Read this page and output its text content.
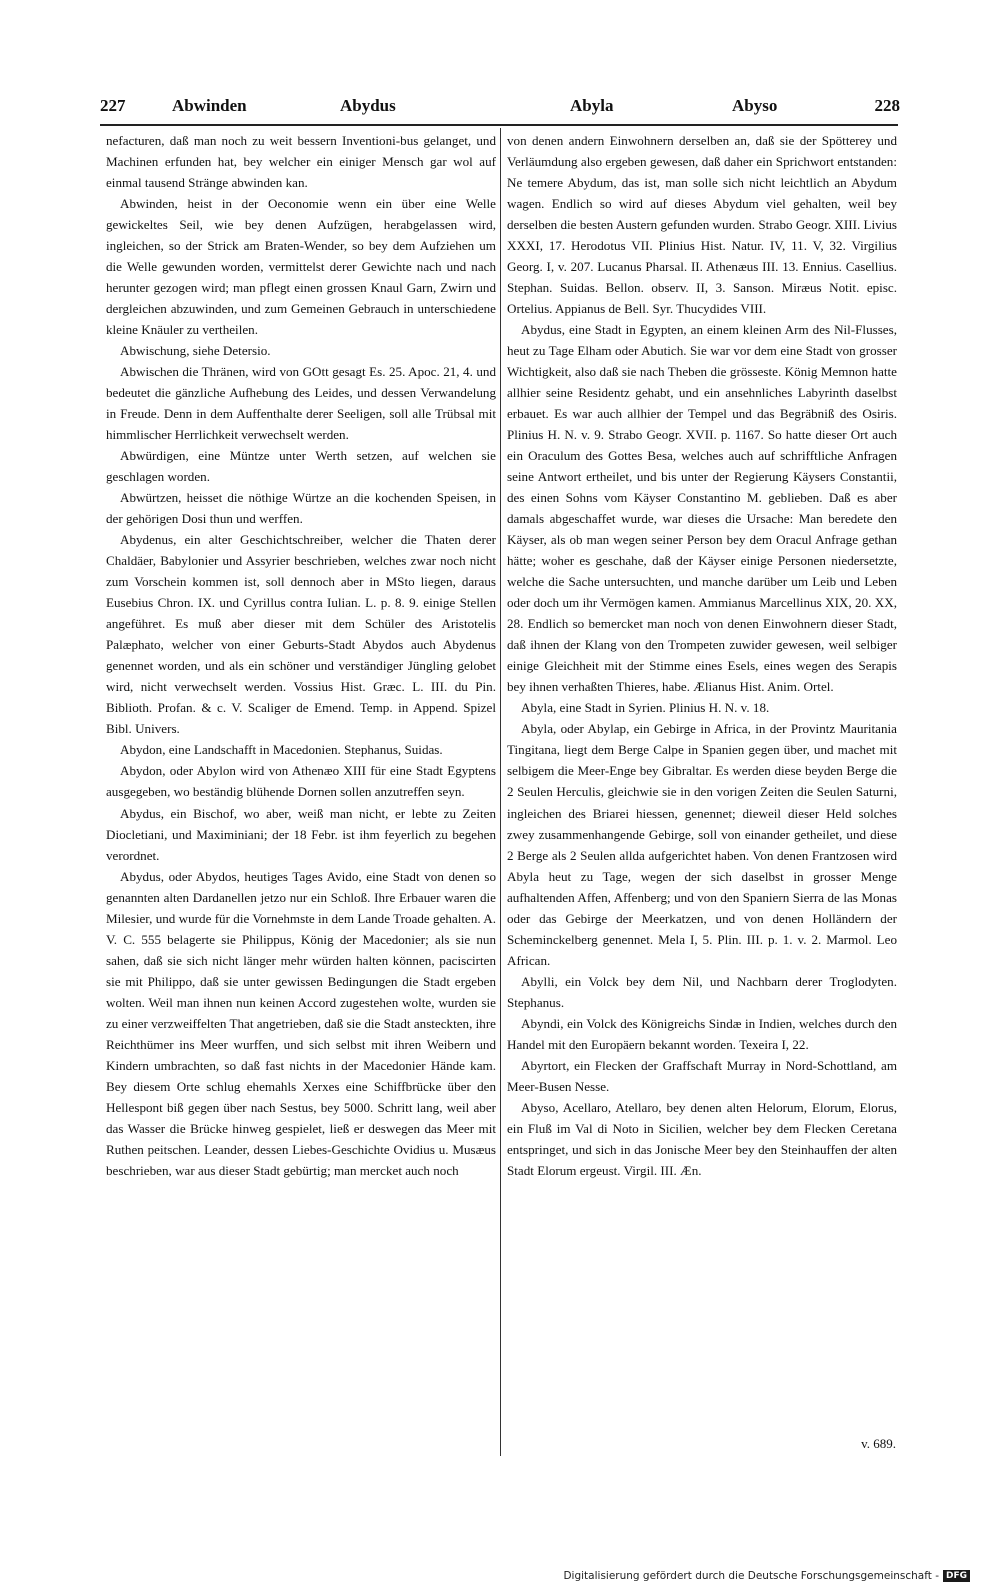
227	Abwinden	Abydus	Abyla	Abyso	228

nefacturen, daß man noch zu weit bessern Inventioni-bus gelanget, und Machinen erfunden hat, bey welcher ein einiger Mensch gar wol auf einmal tausend Stränge abwinden kan.

Abwinden, heist in der Oeconomie wenn ein über eine Welle gewickeltes Seil, wie bey denen Aufzügen, herabgelassen wird, ingleichen, so der Strick am Braten-Wender, so bey dem Aufziehen um die Welle gewunden worden, vermittelst derer Gewichte nach und nach herunter gezogen wird; man pflegt einen grossen Knaul Garn, Zwirn und dergleichen abzuwinden, und zum Gemeinen Gebrauch in unterschiedene kleine Knäuler zu vertheilen.

Abwischung, siehe Detersio.

Abwischen die Thränen, wird von GOtt gesagt Es. 25. Apoc. 21, 4. und bedeutet die gänzliche Aufhebung des Leides, und dessen Verwandelung in Freude. Denn in dem Auffenthalte derer Seeligen, soll alle Trübsal mit himmlischer Herrlichkeit verwechselt werden.

Abwürdigen, eine Müntze unter Werth setzen, auf welchen sie geschlagen worden.

Abwürtzen, heisset die nöthige Würtze an die kochenden Speisen, in der gehörigen Dosi thun und werffen.

Abydenus, ein alter Geschichtschreiber, welcher die Thaten derer Chaldäer, Babylonier und Assyrier beschrieben, welches zwar noch nicht zum Vorschein kommen ist, soll dennoch aber in MSto liegen, daraus Eusebius Chron. IX. und Cyrillus contra Iulian. L. p. 8. 9. einige Stellen angeführet. Es muß aber dieser mit dem Schüler des Aristotelis Palæphato, welcher von einer Geburts-Stadt Abydos auch Abydenus genennet worden, und als ein schöner und verständiger Jüngling gelobet wird, nicht verwechselt werden. Vossius Hist. Græc. L. III. du Pin. Biblioth. Profan. & c. V. Scaliger de Emend. Temp. in Append. Spizel Bibl. Univers.

Abydon, eine Landschafft in Macedonien. Stephanus, Suidas.

Abydon, oder Abylon wird von Athenæo XIII für eine Stadt Egyptens ausgegeben, wo beständig blühende Dornen sollen anzutreffen seyn.

Abydus, ein Bischof, wo aber, weiß man nicht, er lebte zu Zeiten Diocletiani, und Maximiniani; der 18 Febr. ist ihm feyerlich zu begehen verordnet.

Abydus, oder Abydos, heutiges Tages Avido, eine Stadt von denen so genannten alten Dardanellen jetzo nur ein Schloß. Ihre Erbauer waren die Milesier, und wurde für die Vornehmste in dem Lande Troade gehalten. A. V. C. 555 belagerte sie Philippus, König der Macedonier; als sie nun sahen, daß sie sich nicht länger mehr würden halten können, paciscirten sie mit Philippo, daß sie unter gewissen Bedingungen die Stadt ergeben wolten. Weil man ihnen nun keinen Accord zugestehen wolte, wurden sie zu einer verzweiffelten That angetrieben, daß sie die Stadt ansteckten, ihre Reichthümer ins Meer wurffen, und sich selbst mit ihren Weibern und Kindern umbrachten, so daß fast nichts in der Macedonier Hände kam. Bey diesem Orte schlug ehemahls Xerxes eine Schiffbrücke über den Hellespont biß gegen über nach Sestus, bey 5000. Schritt lang, weil aber das Wasser die Brücke hinweg gespielet, ließ er deswegen das Meer mit Ruthen peitschen. Leander, dessen Liebes-Geschichte Ovidius u. Musæus beschrieben, war aus dieser Stadt gebürtig; man mercket auch noch

von denen andern Einwohnern derselben an, daß sie der Spötterey und Verläumdung also ergeben gewesen, daß daher ein Sprichwort entstanden: Ne temere Abydum, das ist, man solle sich nicht leichtlich an Abydum wagen. Endlich so wird auf dieses Abydum viel gehalten, weil bey derselben die besten Austern gefunden wurden. Strabo Geogr. XIII. Livius XXXI, 17. Herodotus VII. Plinius Hist. Natur. IV, 11. V, 32. Virgilius Georg. I, v. 207. Lucanus Pharsal. II. Athenæus III. 13. Ennius. Casellius. Stephan. Suidas. Bellon. observ. II, 3. Sanson. Miræus Notit. episc. Ortelius. Appianus de Bell. Syr. Thucydides VIII.

Abydus, eine Stadt in Egypten, an einem kleinen Arm des Nil-Flusses, heut zu Tage Elham oder Abutich. Sie war vor dem eine Stadt von grosser Wichtigkeit, also daß sie nach Theben die grösseste. König Memnon hatte allhier seine Residentz gehabt, und ein ansehnliches Labyrinth daselbst erbauet. Es war auch allhier der Tempel und das Begräbniß des Osiris. Plinius H. N. v. 9. Strabo Geogr. XVII. p. 1167. So hatte dieser Ort auch ein Oraculum des Gottes Besa, welches auch auf schrifftliche Anfragen seine Antwort ertheilet, und bis unter der Regierung Käysers Constantii, des einen Sohns vom Käyser Constantino M. geblieben. Daß es aber damals abgeschaffet wurde, war dieses die Ursache: Man beredete den Käyser, als ob man wegen seiner Person bey dem Oracul Anfrage gethan hätte; woher es geschahe, daß der Käyser einige Personen niedersetzte, welche die Sache untersuchten, und manche darüber um Leib und Leben oder doch um ihr Vermögen kamen. Ammianus Marcellinus XIX, 20. XX, 28. Endlich so bemercket man noch von denen Einwohnern dieser Stadt, daß ihnen der Klang von den Trompeten zuwider gewesen, weil selbiger einige Gleichheit mit der Stimme eines Esels, eines wegen des Serapis bey ihnen verhaßten Thieres, habe. Ælianus Hist. Anim. Ortel.

Abyla, eine Stadt in Syrien. Plinius H. N. v. 18.

Abyla, oder Abylap, ein Gebirge in Africa, in der Provintz Mauritania Tingitana, liegt dem Berge Calpe in Spanien gegen über, und machet mit selbigem die Meer-Enge bey Gibraltar. Es werden diese beyden Berge die 2 Seulen Herculis, gleichwie sie in den vorigen Zeiten die Seulen Saturni, ingleichen des Briarei hiessen, genennet; dieweil dieser Held solches zwey zusammenhangende Gebirge, soll von einander getheilet, und diese 2 Berge als 2 Seulen allda aufgerichtet haben. Von denen Frantzosen wird Abyla heut zu Tage, wegen der sich daselbst in grosser Menge aufhaltenden Affen, Affenberg; und von den Spaniern Sierra de las Monas oder das Gebirge der Meerkatzen, und von denen Holländern der Scheminckelberg genennet. Mela I, 5. Plin. III. p. 1. v. 2. Marmol. Leo African.

Abylli, ein Volck bey dem Nil, und Nachbarn derer Troglodyten. Stephanus.

Abyndi, ein Volck des Königreichs Sindæ in Indien, welches durch den Handel mit den Europäern bekannt worden. Texeira I, 22.

Abyrtort, ein Flecken der Graffschaft Murray in Nord-Schottland, am Meer-Busen Nesse.

Abyso, Acellaro, Atellaro, bey denen alten Helorum, Elorum, Elorus, ein Fluß im Val di Noto in Sicilien, welcher bey dem Flecken Ceretana entspringet, und sich in das Jonische Meer bey den Steinhauffen der alten Stadt Elorum ergeust. Virgil. III. Æn.

v. 689.
Digitalisierung gefördert durch die Deutsche Forschungsgemeinschaft - DFG
